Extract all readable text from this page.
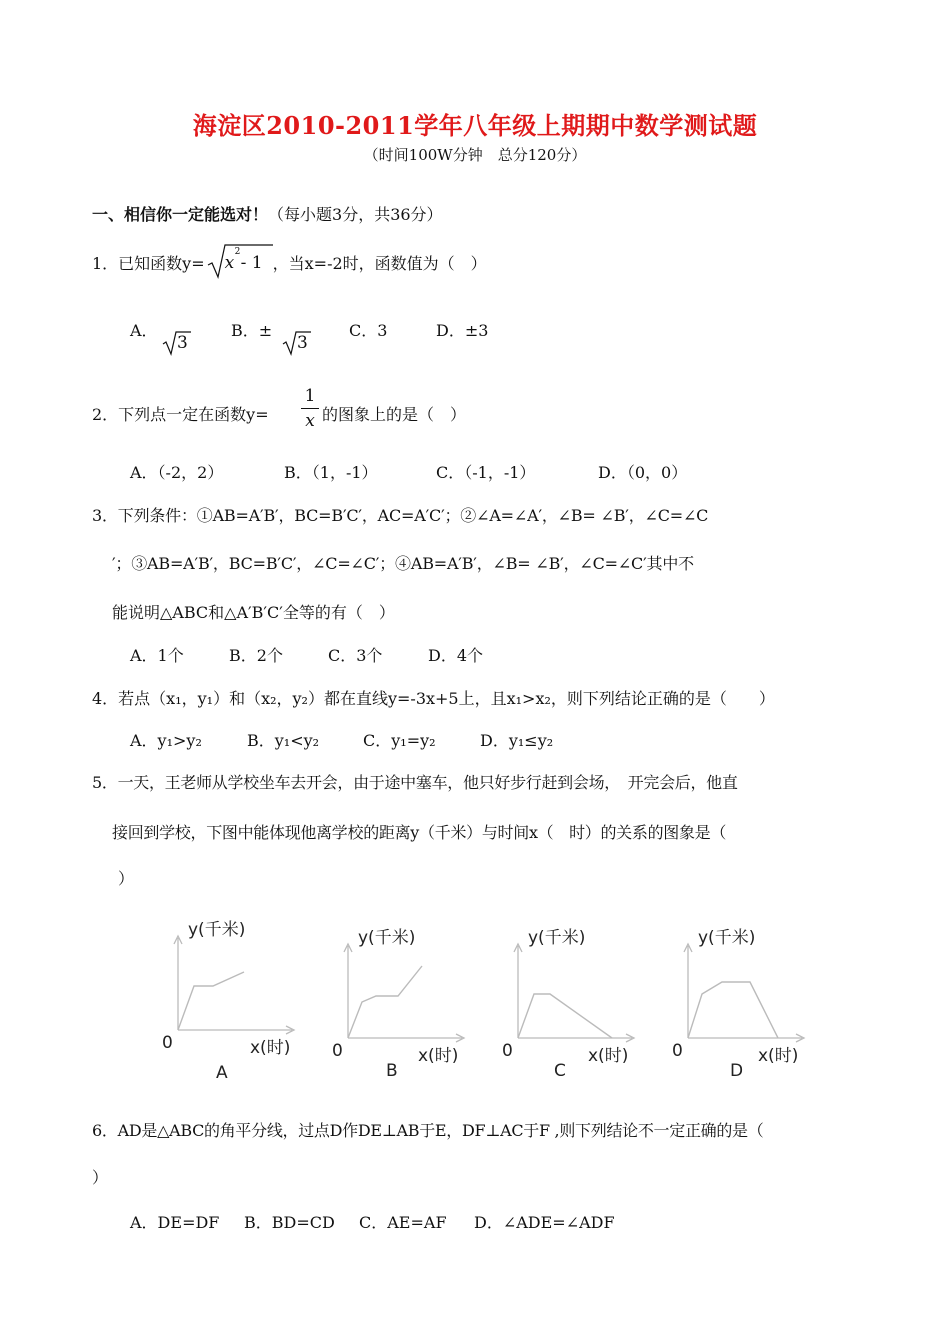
海淀区2010-2011学年八年级上期期中数学测试题
（时间100W分钟　总分120分）
一、相信你一定能选对！（每小题3分，共36分）
1．已知函数y= x
2
- 1 ，当x=-2时，函数值为（　）
A．
3
B．±
3
C．3	D．±3
2．下列点一定在函数y=
1
x 的图象上的是（　）
A．（-2，2）	B．（1，-1）	C．（-1，-1）	D．（0，0）
3．下列条件：①AB=A′B′，BC=B′C′，AC=A′C′；②∠A=∠A′，∠B= ∠B′，∠C=∠C
′；③AB=A′B′，BC=B′C′，∠C=∠C′；④AB=A′B′，∠B= ∠B′，∠C=∠C′其中不
能说明△ABC和△A′B′C′全等的有（　）
A．1个	B．2个	C．3个	D．4个
4．若点（x₁，y₁）和（x₂，y₂）都在直线y=-3x+5上，且x₁>x₂，则下列结论正确的是（　　）
A．y₁>y₂	B．y₁<y₂	C．y₁=y₂	D．y₁≤y₂
5．一天，王老师从学校坐车去开会，由于途中塞车，他只好步行赶到会场，　开完会后，他直
接回到学校，下图中能体现他离学校的距离y（千米）与时间x（　时）的关系的图象是（
）
y(千米)
0	x(时)
A
y(千米)
0	x(时)
B
y(千米)
0	x(时)
C
y(千米)
0	x(时)
D
6．AD是△ABC的角平分线，过点D作DE⊥AB于E，DF⊥AC于F ,则下列结论不一定正确的是（
）
A．DE=DF B．BD=CD C．AE=AF D．∠ADE=∠ADF
